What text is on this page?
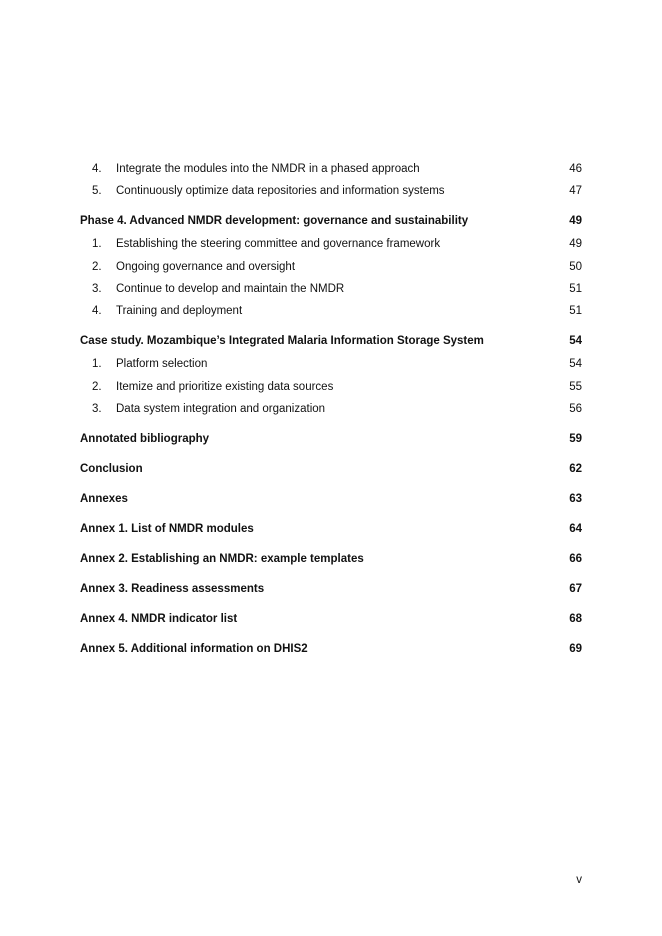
4. Integrate the modules into the NMDR in a phased approach	46
5. Continuously optimize data repositories and information systems	47
Phase 4. Advanced NMDR development: governance and sustainability	49
1. Establishing the steering committee and governance framework	49
2. Ongoing governance and oversight	50
3. Continue to develop and maintain the NMDR	51
4. Training and deployment	51
Case study. Mozambique’s Integrated Malaria Information Storage System	54
1. Platform selection	54
2. Itemize and prioritize existing data sources	55
3. Data system integration and organization	56
Annotated bibliography	59
Conclusion	62
Annexes	63
Annex 1. List of NMDR modules	64
Annex 2. Establishing an NMDR: example templates	66
Annex 3. Readiness assessments	67
Annex 4. NMDR indicator list	68
Annex 5. Additional information on DHIS2	69
v
